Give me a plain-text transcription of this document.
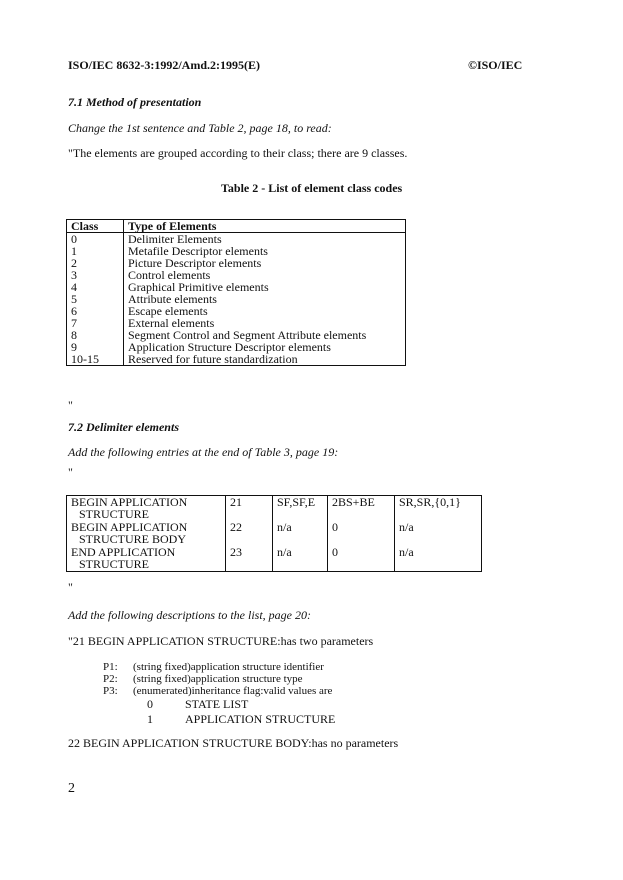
ISO/IEC 8632-3:1992/Amd.2:1995(E)	©ISO/IEC
7.1 Method of presentation
Change the 1st sentence and Table 2, page 18, to read:
"The elements are grouped according to their class; there are 9 classes.
Table 2 - List of element class codes
Class	Type of Elements
0	Delimiter Elements
1	Metafile Descriptor elements
2	Picture Descriptor elements
3	Control elements
4	Graphical Primitive elements
5	Attribute elements
6	Escape elements
7	External elements
8	Segment Control and Segment Attribute elements
9	Application Structure Descriptor elements
10-15	Reserved for future standardization
"
7.2 Delimiter elements
Add the following entries at the end of Table 3, page 19:
"
BEGIN APPLICATION
STRUCTURE	21	SF,SF,E	2BS+BE	SR,SR,{0,1}

BEGIN APPLICATION
STRUCTURE BODY	22	n/a	0	n/a

END APPLICATION
STRUCTURE	23	n/a	0	n/a
"
Add the following descriptions to the list, page 20:
"21 BEGIN APPLICATION STRUCTURE:has two parameters
P1: (string fixed)application structure identifier
P2: (string fixed)application structure type
P3: (enumerated)inheritance flag:valid values are
0	STATE LIST
1	APPLICATION STRUCTURE
22 BEGIN APPLICATION STRUCTURE BODY:has no parameters
2
